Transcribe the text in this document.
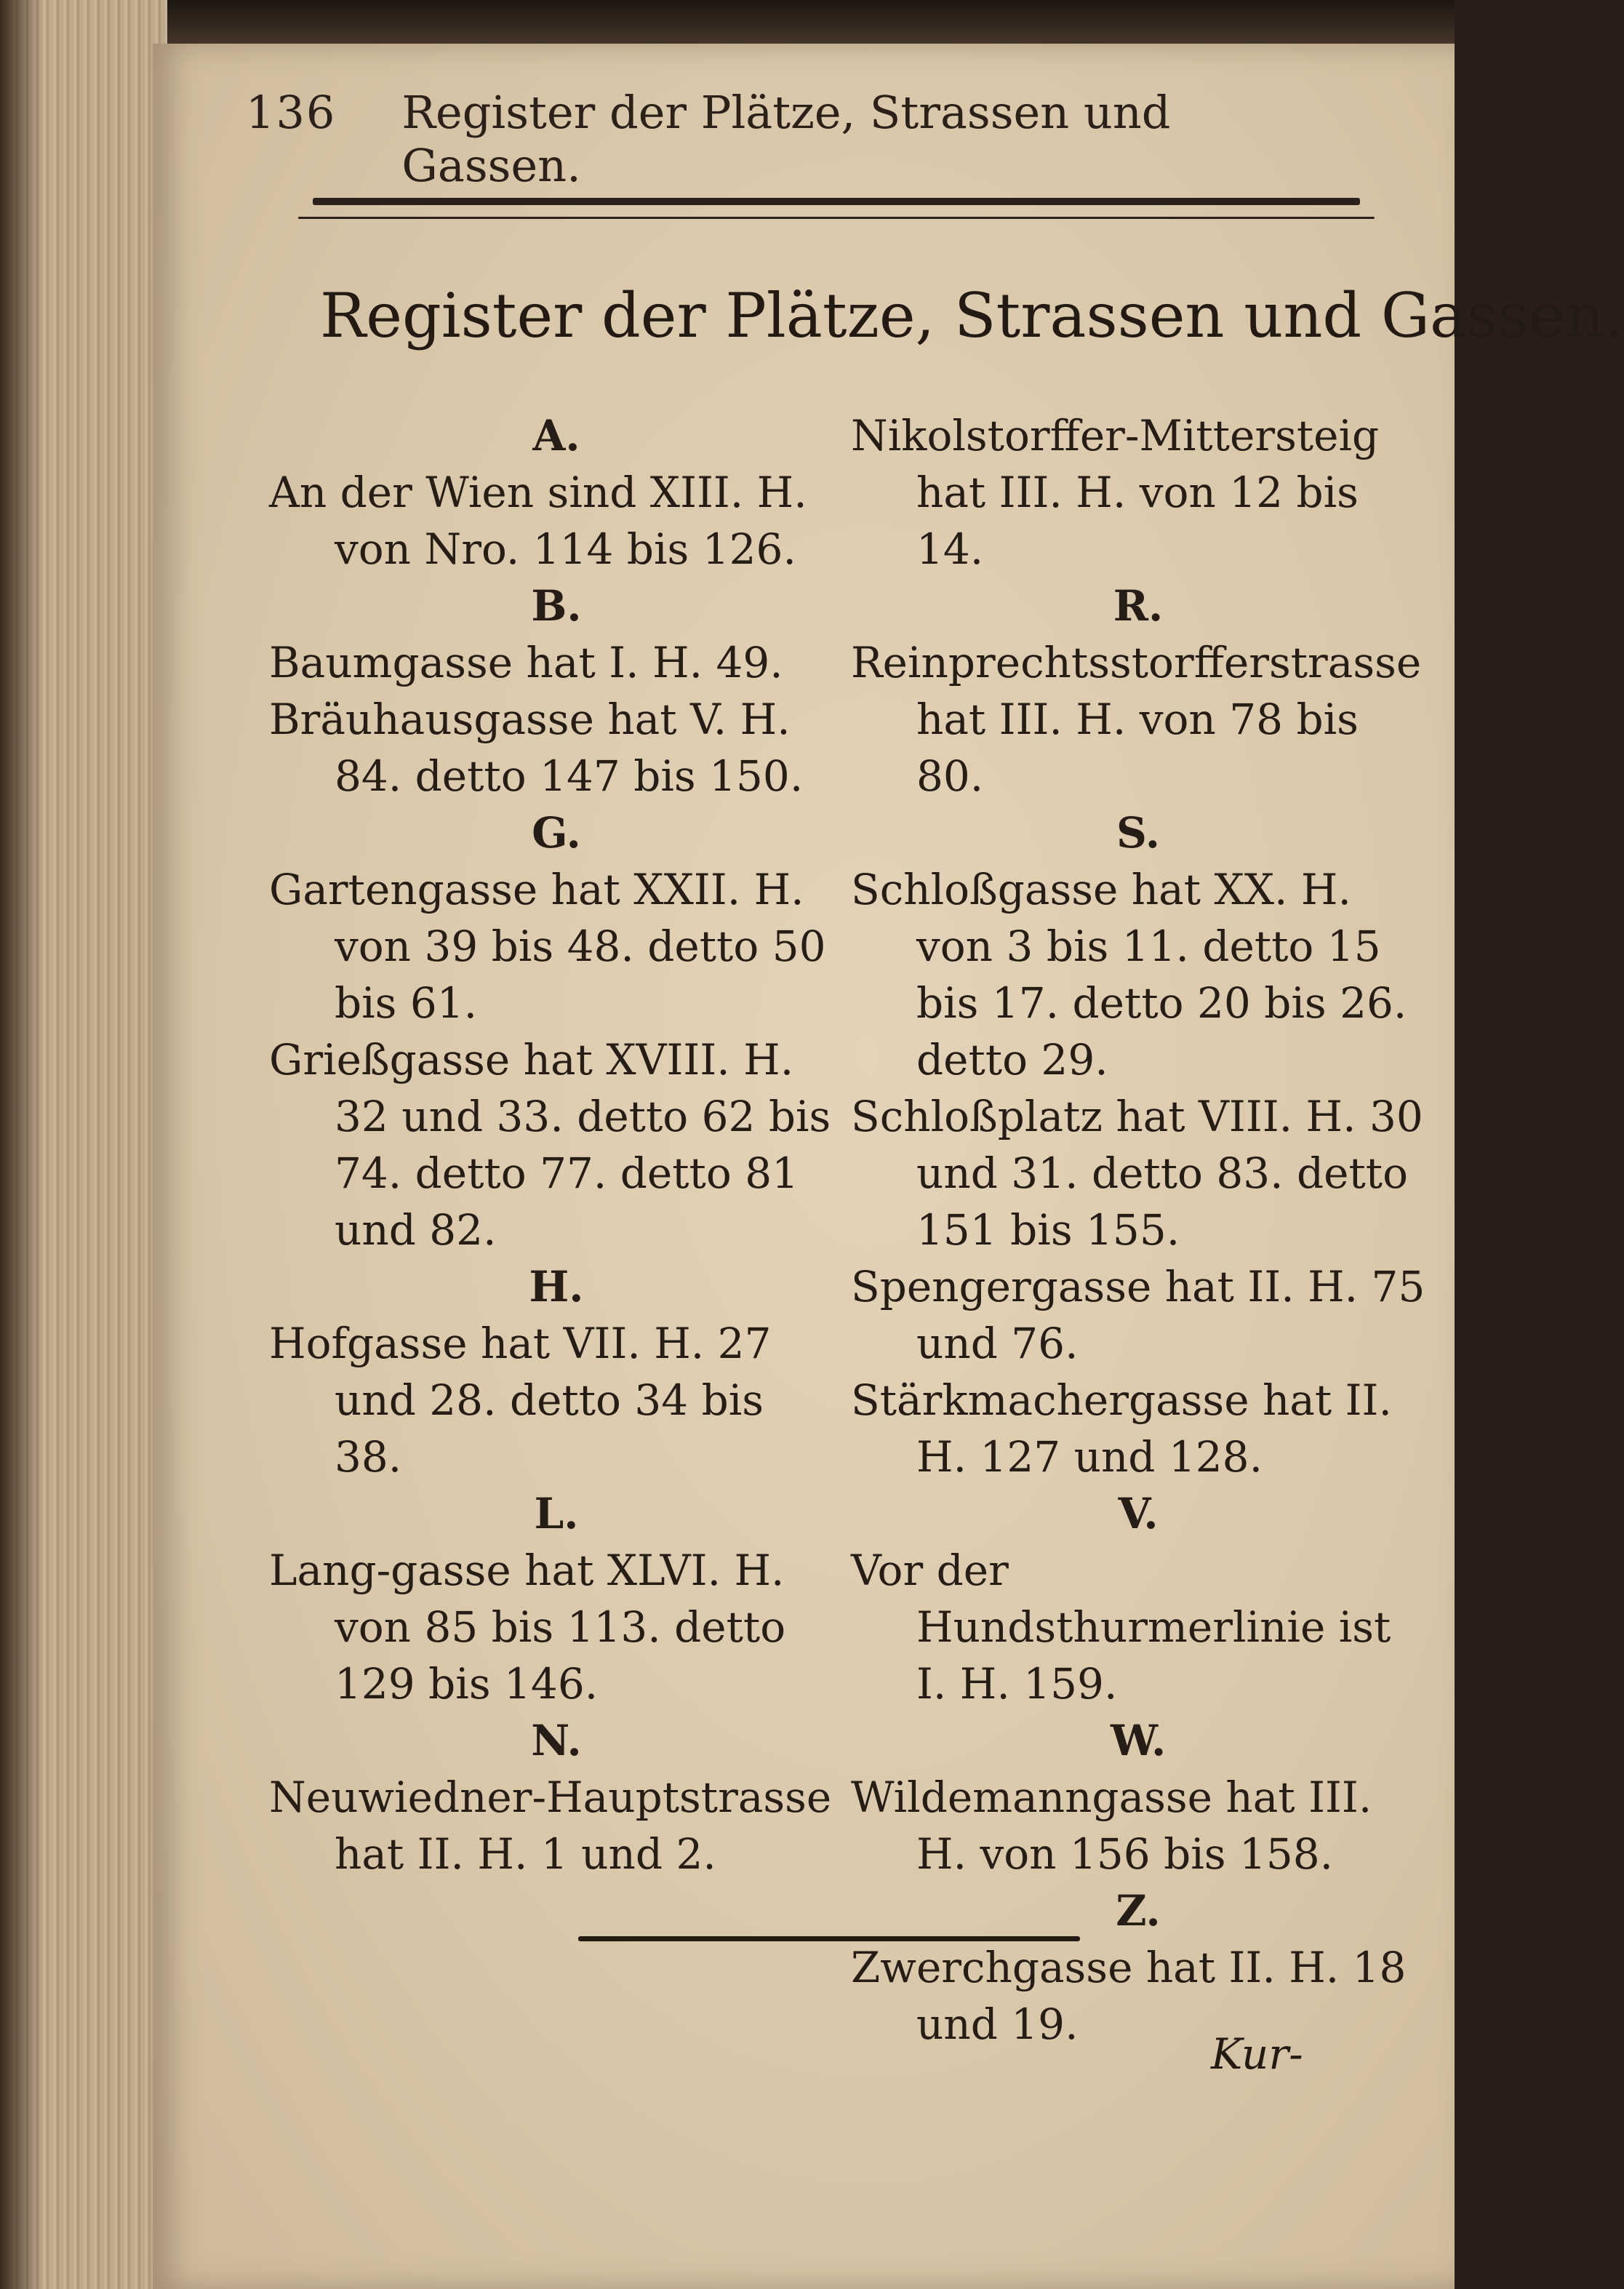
136 Register der Plätze, Strassen und Gassen.
Register der Plätze, Strassen und Gassen.
A.
An der Wien sind XIII. H. von Nro. 114 bis 126.
B.
Baumgasse hat I. H. 49.
Bräuhausgasse hat V. H. 84. detto 147 bis 150.
G.
Gartengasse hat XXII. H. von 39 bis 48. detto 50 bis 61.
Grießgasse hat XVIII. H. 32 und 33. detto 62 bis 74. detto 77. detto 81 und 82.
H.
Hofgasse hat VII. H. 27 und 28. detto 34 bis 38.
L.
Lang-gasse hat XLVI. H. von 85 bis 113. detto 129 bis 146.
N.
Neuwiedner-Hauptstrasse hat II. H. 1 und 2.
Nikolstorffer-Mittersteig hat III. H. von 12 bis 14.
R.
Reinprechtsstorfferstrasse hat III. H. von 78 bis 80.
S.
Schloßgasse hat XX. H. von 3 bis 11. detto 15 bis 17. detto 20 bis 26. detto 29.
Schloßplatz hat VIII. H. 30 und 31. detto 83. detto 151 bis 155.
Spengergasse hat II. H. 75 und 76.
Stärkmachergasse hat II. H. 127 und 128.
V.
Vor der Hundsthurmerlinie ist I. H. 159.
W.
Wildemanngasse hat III. H. von 156 bis 158.
Z.
Zwerchgasse hat II. H. 18 und 19.
Kur-
